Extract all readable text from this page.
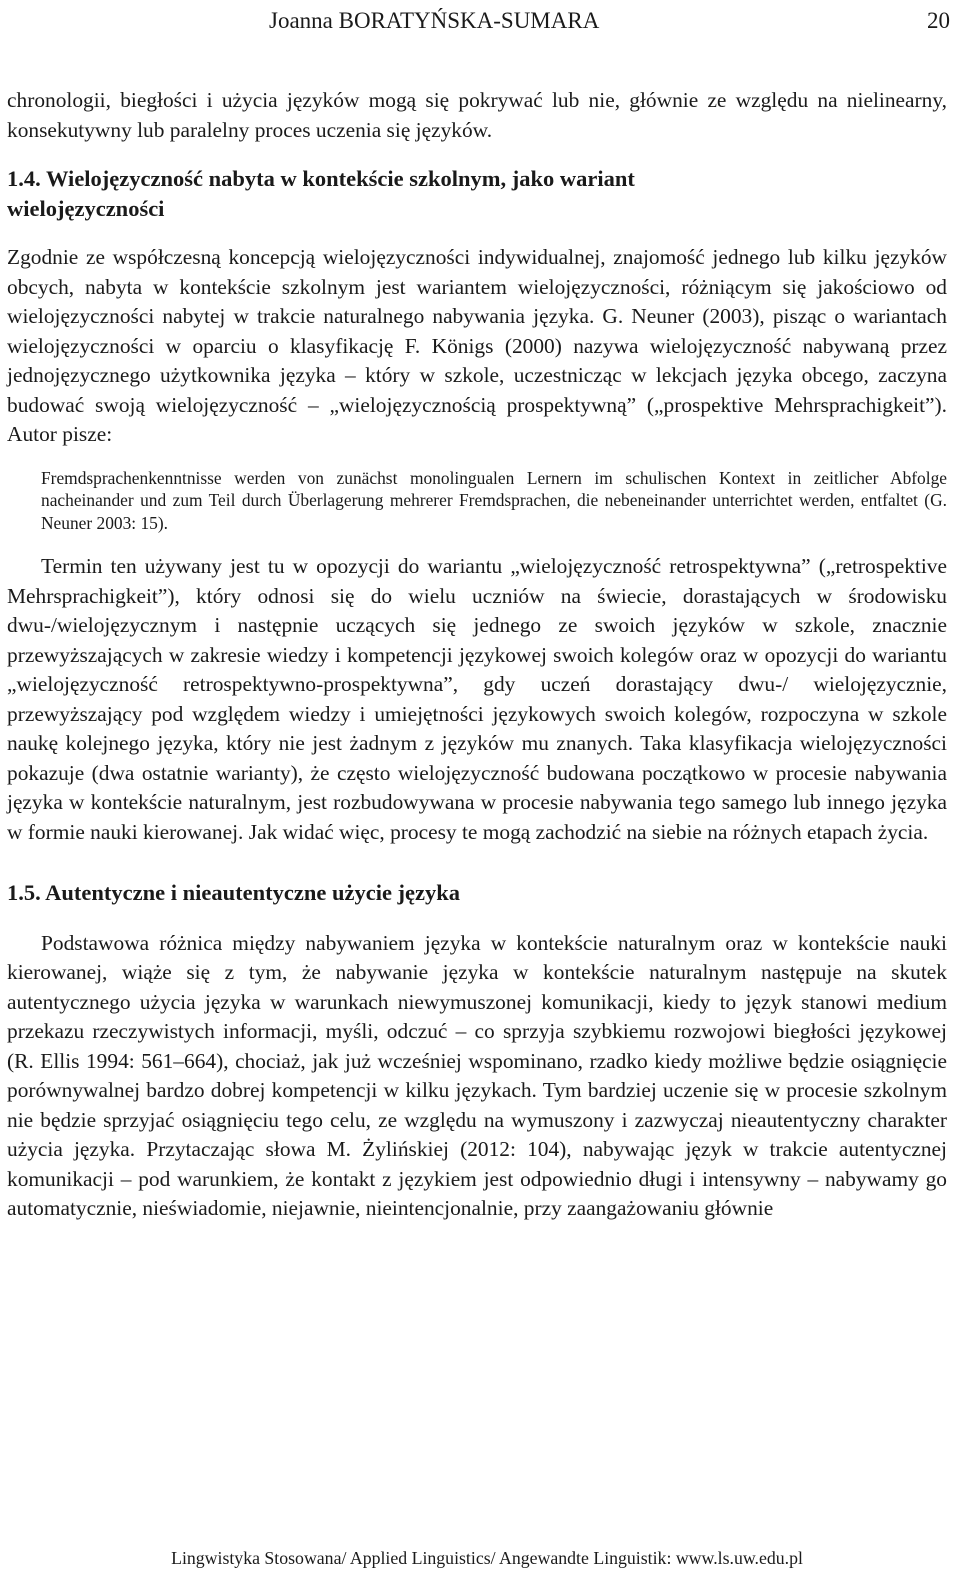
Joanna BORATYŃSKA-SUMARA	20

chronologii, biegłości i użycia języków mogą się pokrywać lub nie, głównie ze względu na nielinearny, konsekutywny lub paralelny proces uczenia się języków.

1.4. Wielojęzyczność nabyta w kontekście szkolnym, jako wariant wielojęzyczności

Zgodnie ze współczesną koncepcją wielojęzyczności indywidualnej, znajomość jednego lub kilku języków obcych, nabyta w kontekście szkolnym jest wariantem wielojęzyczności, różniącym się jakościowo od wielojęzyczności nabytej w trakcie naturalnego nabywania języka. G. Neuner (2003), pisząc o wariantach wielojęzyczności w oparciu o klasyfikację F. Königs (2000) nazywa wielojęzyczność nabywaną przez jednojęzycznego użytkownika języka – który w szkole, uczestnicząc w lekcjach języka obcego, zaczyna budować swoją wielojęzyczność – „wielojęzycznością prospektywną” („prospektive Mehrsprachigkeit”). Autor pisze:

Fremdsprachenkenntnisse werden von zunächst monolingualen Lernern im schulischen Kontext in zeitlicher Abfolge nacheinander und zum Teil durch Überlagerung mehrerer Fremdsprachen, die nebeneinander unterrichtet werden, entfaltet (G. Neuner 2003: 15).

Termin ten używany jest tu w opozycji do wariantu „wielojęzyczność retrospektywna” („retrospektive Mehrsprachigkeit”), który odnosi się do wielu uczniów na świecie, dorastających w środowisku dwu-/wielojęzycznym i następnie uczących się jednego ze swoich języków w szkole, znacznie przewyższających w zakresie wiedzy i kompetencji językowej swoich kolegów oraz w opozycji do wariantu „wielojęzyczność retrospektywno-prospektywna”, gdy uczeń dorastający dwu-/ wielojęzycznie, przewyższający pod względem wiedzy i umiejętności językowych swoich kolegów, rozpoczyna w szkole naukę kolejnego języka, który nie jest żadnym z języków mu znanych. Taka klasyfikacja wielojęzyczności pokazuje (dwa ostatnie warianty), że często wielojęzyczność budowana początkowo w procesie nabywania języka w kontekście naturalnym, jest rozbudowywana w procesie nabywania tego samego lub innego języka w formie nauki kierowanej. Jak widać więc, procesy te mogą zachodzić na siebie na różnych etapach życia.

1.5. Autentyczne i nieautentyczne użycie języka

Podstawowa różnica między nabywaniem języka w kontekście naturalnym oraz w kontekście nauki kierowanej, wiąże się z tym, że nabywanie języka w kontekście naturalnym następuje na skutek autentycznego użycia języka w warunkach niewymuszonej komunikacji, kiedy to język stanowi medium przekazu rzeczywistych informacji, myśli, odczuć – co sprzyja szybkiemu rozwojowi biegłości językowej (R. Ellis 1994: 561–664), chociaż, jak już wcześniej wspominano, rzadko kiedy możliwe będzie osiągnięcie porównywalnej bardzo dobrej kompetencji w kilku językach. Tym bardziej uczenie się w procesie szkolnym nie będzie sprzyjać osiągnięciu tego celu, ze względu na wymuszony i zazwyczaj nieautentyczny charakter użycia języka. Przytaczając słowa M. Żylińskiej (2012: 104), nabywając język w trakcie autentycznej komunikacji – pod warunkiem, że kontakt z językiem jest odpowiednio długi i intensywny – nabywamy go automatycznie, nieświadomie, niejawnie, nieintencjonalnie, przy zaangażowaniu głównie

Lingwistyka Stosowana/ Applied Linguistics/ Angewandte Linguistik: www.ls.uw.edu.pl
